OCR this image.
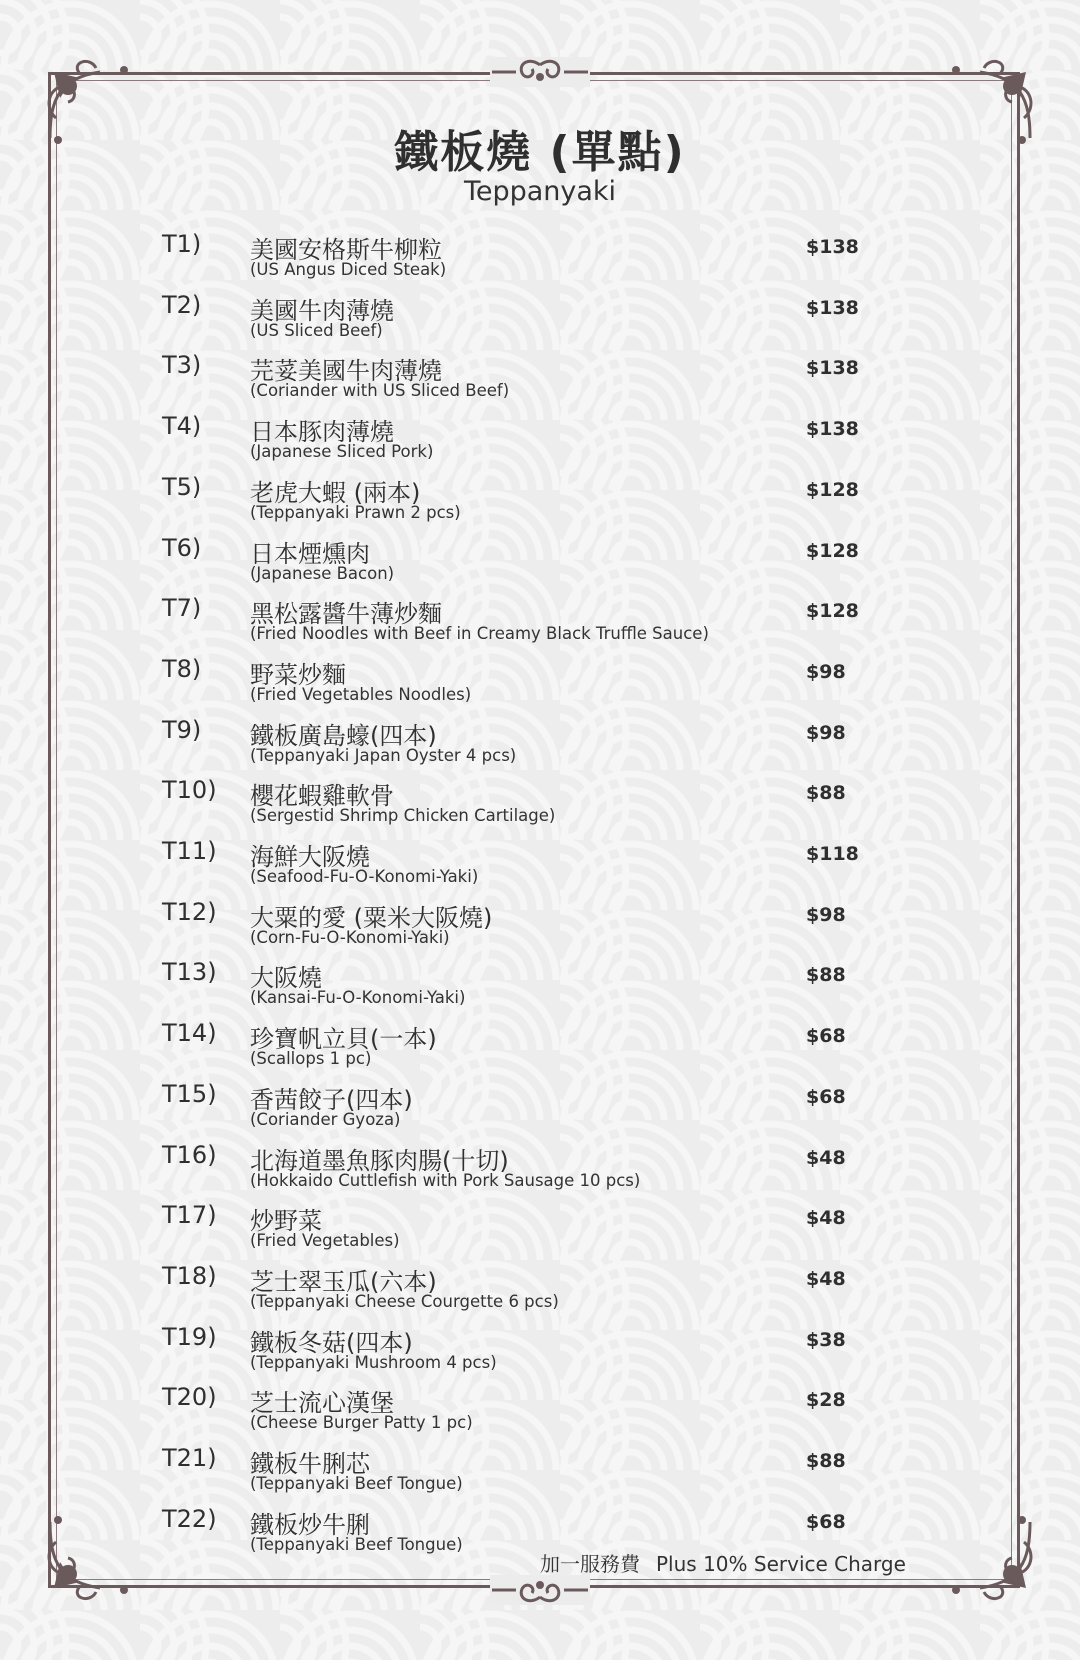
鐵板燒 (單點)
Teppanyaki
T1) 美國安格斯牛柳粒
(US Angus Diced Steak)
$138
T2) 美國牛肉薄燒
(US Sliced Beef)
$138
T3) 芫荽美國牛肉薄燒
(Coriander with US Sliced Beef)
$138
T4) 日本豚肉薄燒
(Japanese Sliced Pork)
$138
T5) 老虎大蝦 (兩本)
(Teppanyaki Prawn 2 pcs)
$128
T6) 日本煙燻肉
(Japanese Bacon)
$128
T7) 黑松露醬牛薄炒麵
(Fried Noodles with Beef in Creamy Black Truffle Sauce)
$128
T8) 野菜炒麵
(Fried Vegetables Noodles)
$98
T9) 鐵板廣島蠔(四本)
(Teppanyaki Japan Oyster 4 pcs)
$98
T10) 櫻花蝦雞軟骨
(Sergestid Shrimp Chicken Cartilage)
$88
T11) 海鮮大阪燒
(Seafood-Fu-O-Konomi-Yaki)
$118
T12) 大粟的愛 (粟米大阪燒)
(Corn-Fu-O-Konomi-Yaki)
$98
T13) 大阪燒
(Kansai-Fu-O-Konomi-Yaki)
$88
T14) 珍寶帆立貝(一本)
(Scallops 1 pc)
$68
T15) 香茜餃子(四本)
(Coriander Gyoza)
$68
T16) 北海道墨魚豚肉腸(十切)
(Hokkaido Cuttlefish with Pork Sausage 10 pcs)
$48
T17) 炒野菜
(Fried Vegetables)
$48
T18) 芝士翠玉瓜(六本)
(Teppanyaki Cheese Courgette 6 pcs)
$48
T19) 鐵板冬菇(四本)
(Teppanyaki Mushroom 4 pcs)
$38
T20) 芝士流心漢堡
(Cheese Burger Patty 1 pc)
$28
T21) 鐵板牛脷芯
(Teppanyaki Beef Tongue)
$88
T22) 鐵板炒牛脷
(Teppanyaki Beef Tongue)
$68
加一服務費 Plus 10% Service Charge
